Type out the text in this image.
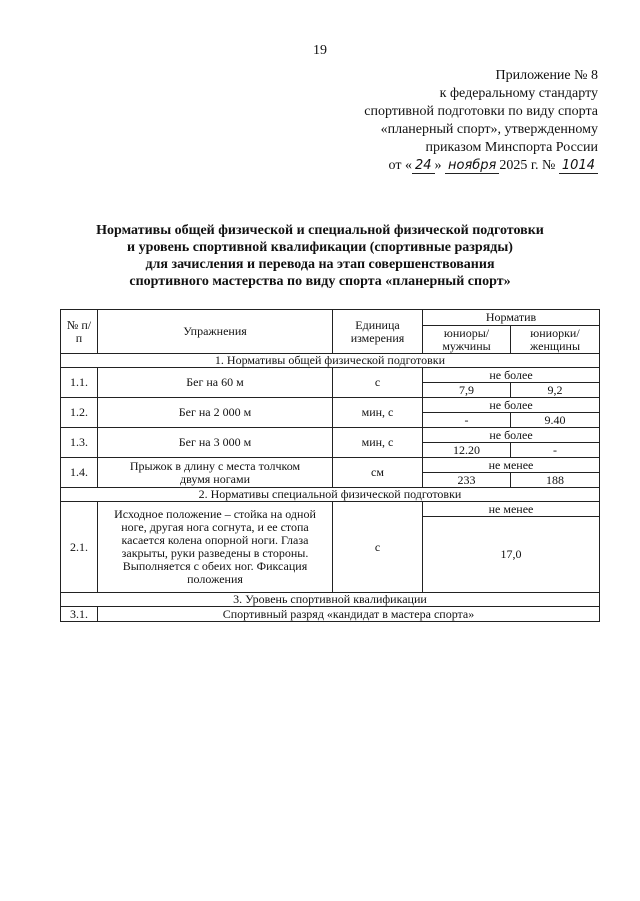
19
Приложение № 8
к федеральному стандарту
спортивной подготовки по виду спорта
«планерный спорт», утвержденному
приказом Минспорта России
от « 24 » ноября 2025 г. № 1014
Нормативы общей физической и специальной физической подготовки
и уровень спортивной квалификации (спортивные разряды)
для зачисления и перевода на этап совершенствования
спортивного мастерства по виду спорта «планерный спорт»
№ п/п	Упражнения	Единица измерения	Норматив	
			юниоры/ мужчины	юниорки/ женщины
1. Нормативы общей физической подготовки				
1.1.	Бег на 60 м	с	не более	
			7,9	9,2
1.2.	Бег на 2 000 м	мин, с	не более	
			-	9.40
1.3.	Бег на 3 000 м	мин, с	не более	
			12.20	-
1.4.	Прыжок в длину с места толчком двумя ногами	см	не менее	
			233	188
2. Нормативы специальной физической подготовки				
2.1.	Исходное положение – стойка на одной ноге, другая нога согнута, и ее стопа касается колена опорной ноги. Глаза закрыты, руки разведены в стороны. Выполняется с обеих ног. Фиксация положения	с	не менее	
			17,0	
3. Уровень спортивной квалификации				
3.1.	Спортивный разряд «кандидат в мастера спорта»			
